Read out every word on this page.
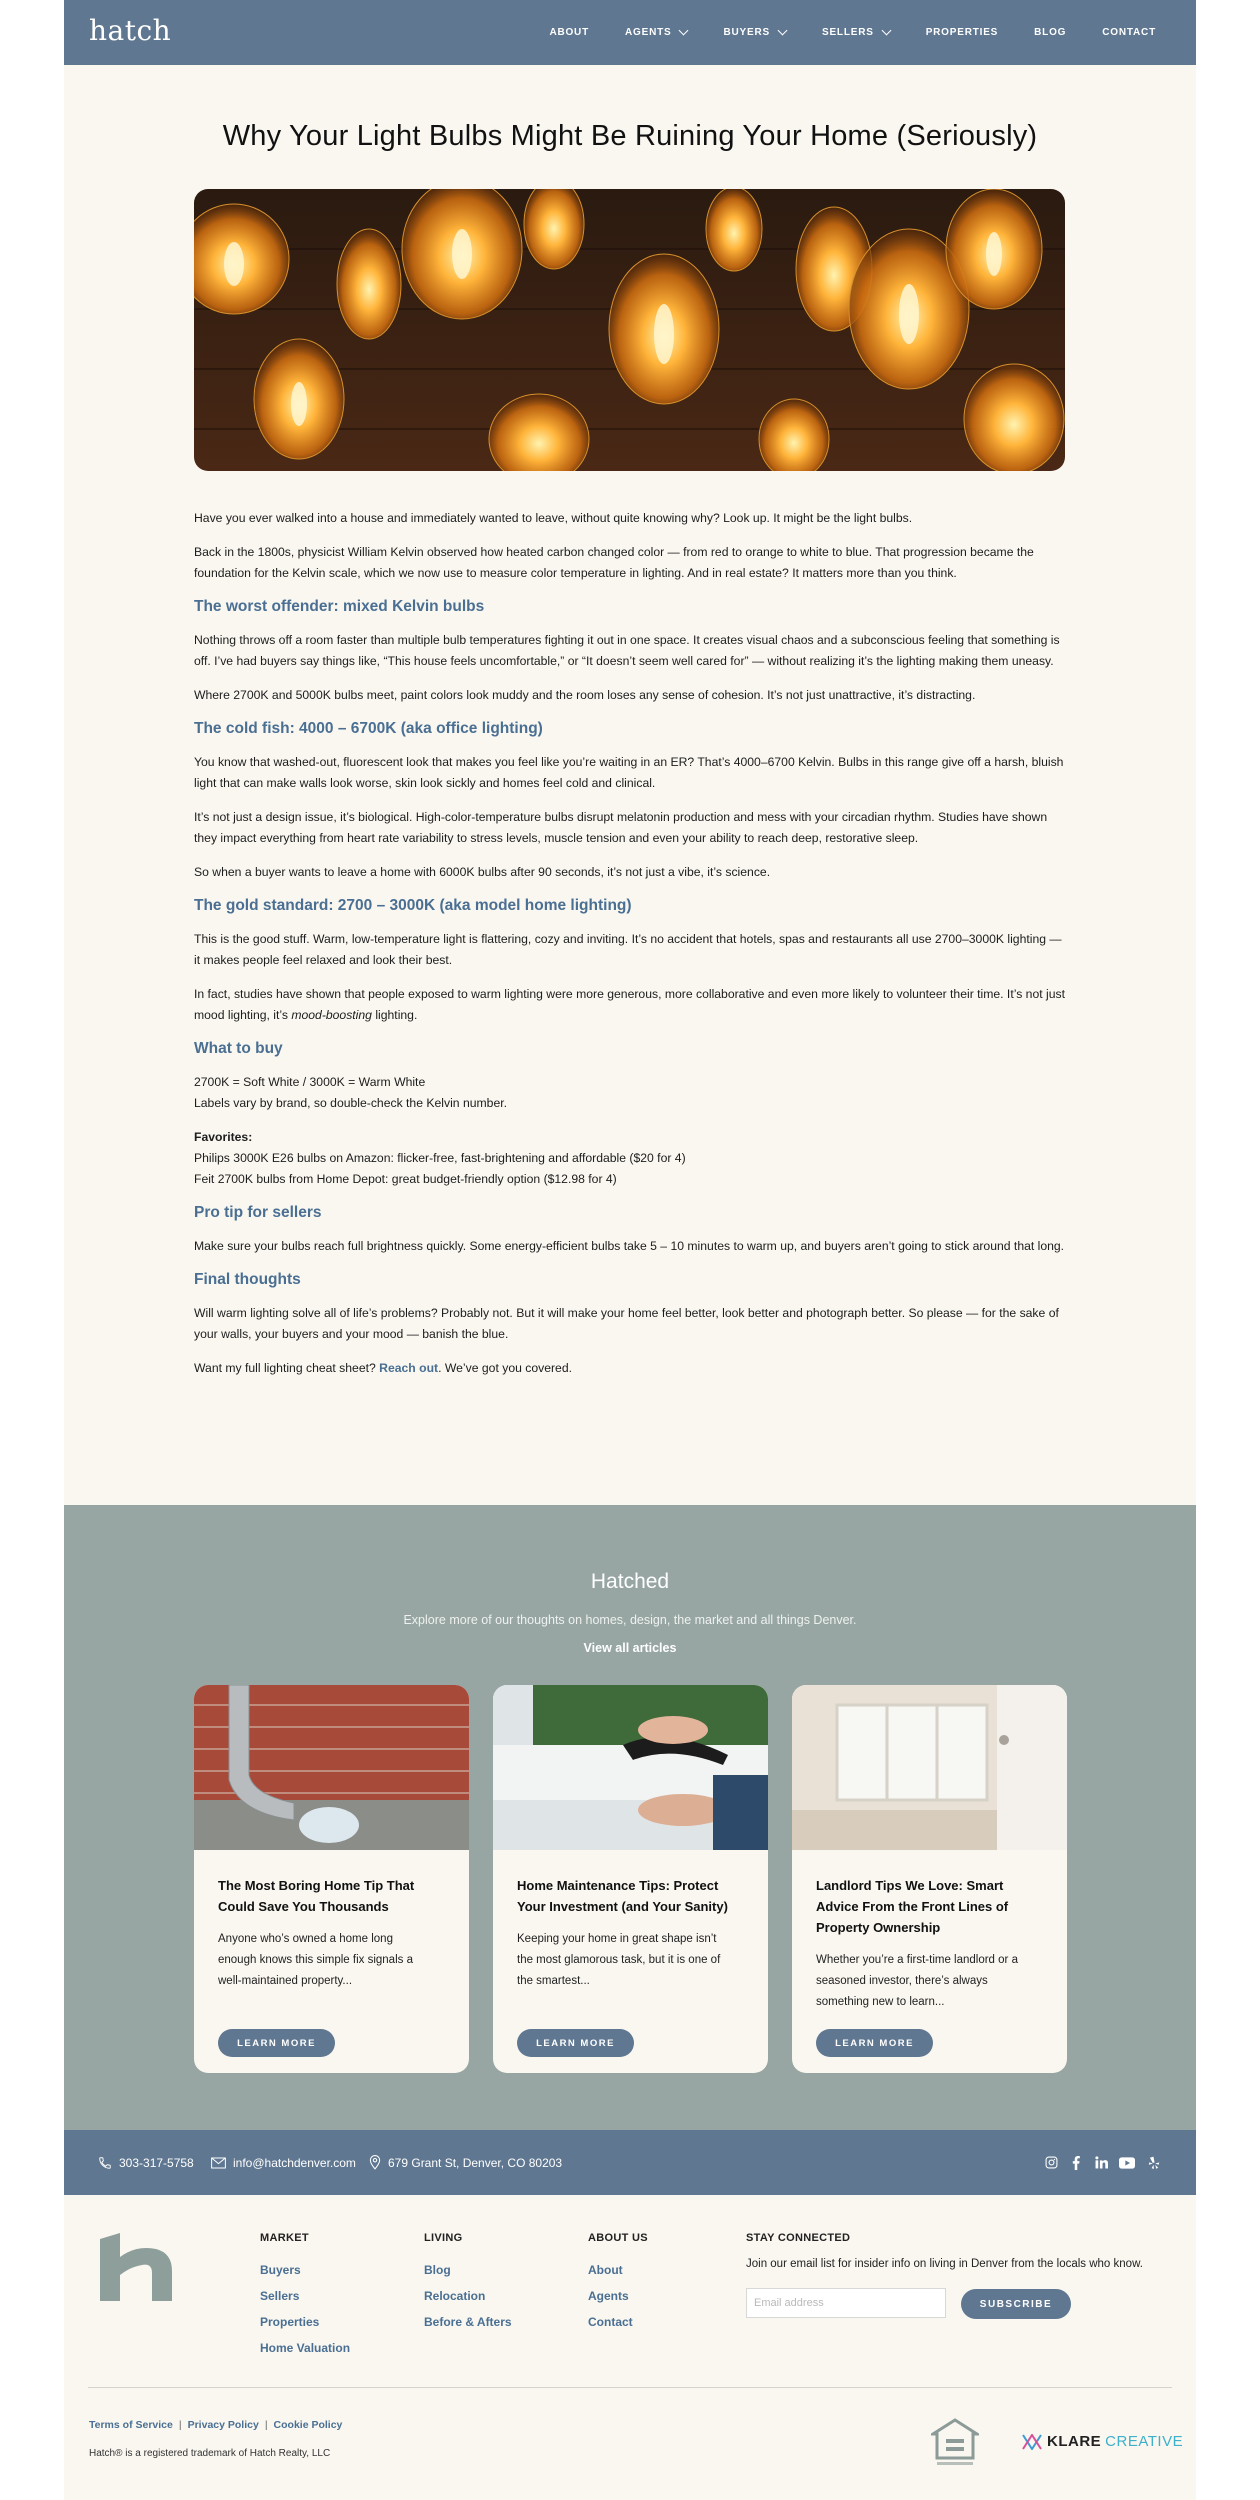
hatch	ABOUT	AGENTS	BUYERS	SELLERS	PROPERTIES	BLOG	CONTACT
Why Your Light Bulbs Might Be Ruining Your Home (Seriously)

Have you ever walked into a house and immediately wanted to leave, without quite knowing why? Look up. It might be the light bulbs.

Back in the 1800s, physicist William Kelvin observed how heated carbon changed color — from red to orange to white to blue. That progression became the foundation for the Kelvin scale, which we now use to measure color temperature in lighting. And in real estate? It matters more than you think.

The worst offender: mixed Kelvin bulbs

Nothing throws off a room faster than multiple bulb temperatures fighting it out in one space. It creates visual chaos and a subconscious feeling that something is off. I’ve had buyers say things like, “This house feels uncomfortable,” or “It doesn’t seem well cared for” — without realizing it’s the lighting making them uneasy.

Where 2700K and 5000K bulbs meet, paint colors look muddy and the room loses any sense of cohesion. It’s not just unattractive, it’s distracting.

The cold fish: 4000 – 6700K (aka office lighting)

You know that washed-out, fluorescent look that makes you feel like you’re waiting in an ER? That’s 4000–6700 Kelvin. Bulbs in this range give off a harsh, bluish light that can make walls look worse, skin look sickly and homes feel cold and clinical.

It’s not just a design issue, it’s biological. High-color-temperature bulbs disrupt melatonin production and mess with your circadian rhythm. Studies have shown they impact everything from heart rate variability to stress levels, muscle tension and even your ability to reach deep, restorative sleep.

So when a buyer wants to leave a home with 6000K bulbs after 90 seconds, it’s not just a vibe, it’s science.

The gold standard: 2700 – 3000K (aka model home lighting)

This is the good stuff. Warm, low-temperature light is flattering, cozy and inviting. It’s no accident that hotels, spas and restaurants all use 2700–3000K lighting — it makes people feel relaxed and look their best.

In fact, studies have shown that people exposed to warm lighting were more generous, more collaborative and even more likely to volunteer their time. It’s not just mood lighting, it’s mood-boosting lighting.

What to buy

2700K = Soft White / 3000K = Warm White
Labels vary by brand, so double-check the Kelvin number.

Favorites:
Philips 3000K E26 bulbs on Amazon: flicker-free, fast-brightening and affordable ($20 for 4)
Feit 2700K bulbs from Home Depot: great budget-friendly option ($12.98 for 4)

Pro tip for sellers

Make sure your bulbs reach full brightness quickly. Some energy-efficient bulbs take 5 – 10 minutes to warm up, and buyers aren’t going to stick around that long.

Final thoughts

Will warm lighting solve all of life’s problems? Probably not. But it will make your home feel better, look better and photograph better. So please — for the sake of your walls, your buyers and your mood — banish the blue.

Want my full lighting cheat sheet? Reach out. We’ve got you covered.

Hatched
Explore more of our thoughts on homes, design, the market and all things Denver.
View all articles
The Most Boring Home Tip That Could Save You Thousands
Anyone who’s owned a home long enough knows this simple fix signals a well-maintained property...
LEARN MORE
Home Maintenance Tips: Protect Your Investment (and Your Sanity)
Keeping your home in great shape isn’t the most glamorous task, but it is one of the smartest...
LEARN MORE
Landlord Tips We Love: Smart Advice From the Front Lines of Property Ownership
Whether you’re a first-time landlord or a seasoned investor, there’s always something new to learn...
LEARN MORE
303-317-5758	info@hatchdenver.com	679 Grant St, Denver, CO 80203
MARKET
Buyers
Sellers
Properties
Home Valuation
LIVING
Blog
Relocation
Before & Afters
ABOUT US
About
Agents
Contact
STAY CONNECTED
Join our email list for insider info on living in Denver from the locals who know.
Email address
SUBSCRIBE
Terms of Service | Privacy Policy | Cookie Policy
Hatch® is a registered trademark of Hatch Realty, LLC
KLARE CREATIVE
